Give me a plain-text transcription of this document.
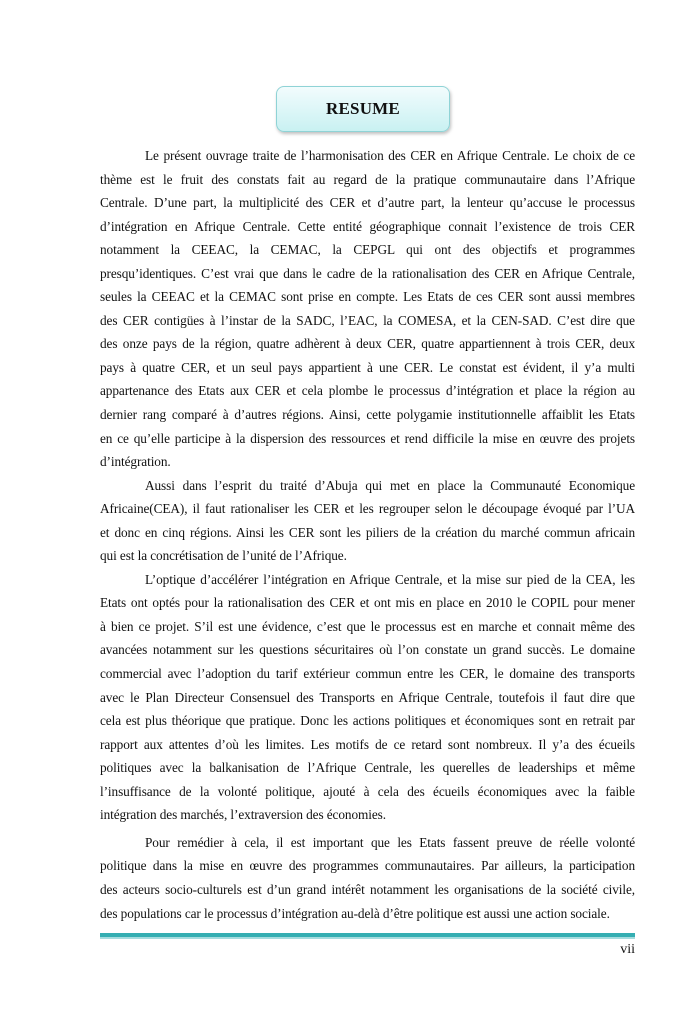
RESUME
Le présent ouvrage traite de l’harmonisation des CER en Afrique Centrale. Le choix de ce
thème est le fruit des constats fait au regard de la pratique communautaire dans l’Afrique
Centrale. D’une part, la multiplicité des CER et d’autre part, la lenteur qu’accuse le processus
d’intégration en Afrique Centrale. Cette entité géographique connait l’existence de trois CER
notamment la CEEAC, la CEMAC, la CEPGL qui ont des objectifs et programmes
presqu’identiques. C’est vrai que dans le cadre de la rationalisation des CER en Afrique Centrale,
seules la CEEAC et la CEMAC sont prise en compte. Les Etats de ces CER sont aussi membres
des CER contigües à l’instar de la SADC, l’EAC, la COMESA, et la CEN-SAD. C’est dire que
des onze pays de la région, quatre adhèrent à deux CER, quatre appartiennent à trois CER, deux
pays à quatre CER, et un seul pays appartient à une CER. Le constat est évident, il y’a multi
appartenance des Etats aux CER et cela plombe le processus d’intégration et place la région au
dernier rang comparé à d’autres régions. Ainsi, cette polygamie institutionnelle affaiblit les Etats
en ce qu’elle participe à la dispersion des ressources et rend difficile la mise en œuvre des projets
d’intégration.
Aussi dans l’esprit du traité d’Abuja qui met en place la Communauté Economique
Africaine(CEA), il faut rationaliser les CER et les regrouper selon le découpage évoqué par l’UA
et donc en cinq régions. Ainsi les CER sont les piliers de la création du marché commun africain
qui est la concrétisation de l’unité de l’Afrique.
L’optique d’accélérer l’intégration en Afrique Centrale, et la mise sur pied de la CEA, les
Etats ont optés pour la rationalisation des CER et ont mis en place en 2010 le COPIL pour mener
à bien ce projet. S’il est une évidence, c’est que le processus est en marche et connait même des
avancées notamment sur les questions sécuritaires où l’on constate un grand succès. Le domaine
commercial avec l’adoption du tarif extérieur commun entre les CER, le domaine des transports
avec le Plan Directeur Consensuel des Transports en Afrique Centrale, toutefois il faut dire que
cela est plus théorique que pratique. Donc les actions politiques et économiques sont en retrait par
rapport aux attentes d’où les limites. Les motifs de ce retard sont nombreux. Il y’a des écueils
politiques avec la balkanisation de l’Afrique Centrale, les querelles de leaderships et même
l’insuffisance de la volonté politique, ajouté à cela des écueils économiques avec la faible
intégration des marchés, l’extraversion des économies.
Pour remédier à cela, il est important que les Etats fassent preuve de réelle volonté
politique dans la mise en œuvre des programmes communautaires. Par ailleurs, la participation
des acteurs socio-culturels est d’un grand intérêt notamment les organisations de la société civile,
des populations car le processus d’intégration au-delà d’être politique est aussi une action sociale.
vii
